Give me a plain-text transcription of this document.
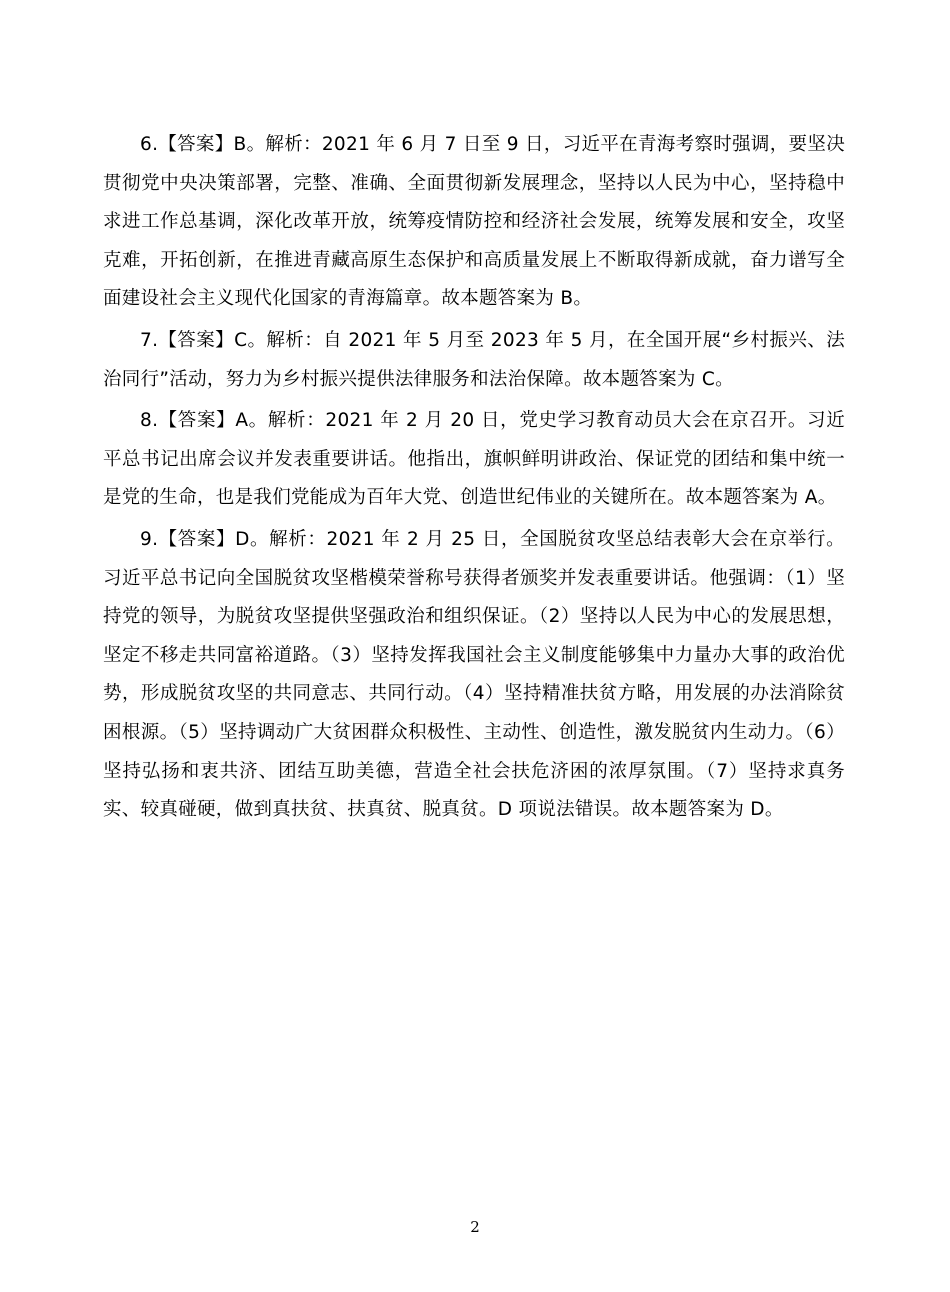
6.【答案】B。解析：2021 年 6 月 7 日至 9 日，习近平在青海考察时强调，要坚决贯彻党中央决策部署，完整、准确、全面贯彻新发展理念，坚持以人民为中心，坚持稳中求进工作总基调，深化改革开放，统筹疫情防控和经济社会发展，统筹发展和安全，攻坚克难，开拓创新，在推进青藏高原生态保护和高质量发展上不断取得新成就，奋力谱写全面建设社会主义现代化国家的青海篇章。故本题答案为 B。

7.【答案】C。解析：自 2021 年 5 月至 2023 年 5 月，在全国开展“乡村振兴、法治同行”活动，努力为乡村振兴提供法律服务和法治保障。故本题答案为 C。

8.【答案】A。解析：2021 年 2 月 20 日，党史学习教育动员大会在京召开。习近平总书记出席会议并发表重要讲话。他指出，旗帜鲜明讲政治、保证党的团结和集中统一是党的生命，也是我们党能成为百年大党、创造世纪伟业的关键所在。故本题答案为 A。

9.【答案】D。解析：2021 年 2 月 25 日，全国脱贫攻坚总结表彰大会在京举行。习近平总书记向全国脱贫攻坚楷模荣誉称号获得者颁奖并发表重要讲话。他强调：（1）坚持党的领导，为脱贫攻坚提供坚强政治和组织保证。（2）坚持以人民为中心的发展思想，坚定不移走共同富裕道路。（3）坚持发挥我国社会主义制度能够集中力量办大事的政治优势，形成脱贫攻坚的共同意志、共同行动。（4）坚持精准扶贫方略，用发展的办法消除贫困根源。（5）坚持调动广大贫困群众积极性、主动性、创造性，激发脱贫内生动力。（6）坚持弘扬和衷共济、团结互助美德，营造全社会扶危济困的浓厚氛围。（7）坚持求真务实、较真碰硬，做到真扶贫、扶真贫、脱真贫。D 项说法错误。故本题答案为 D。

2
